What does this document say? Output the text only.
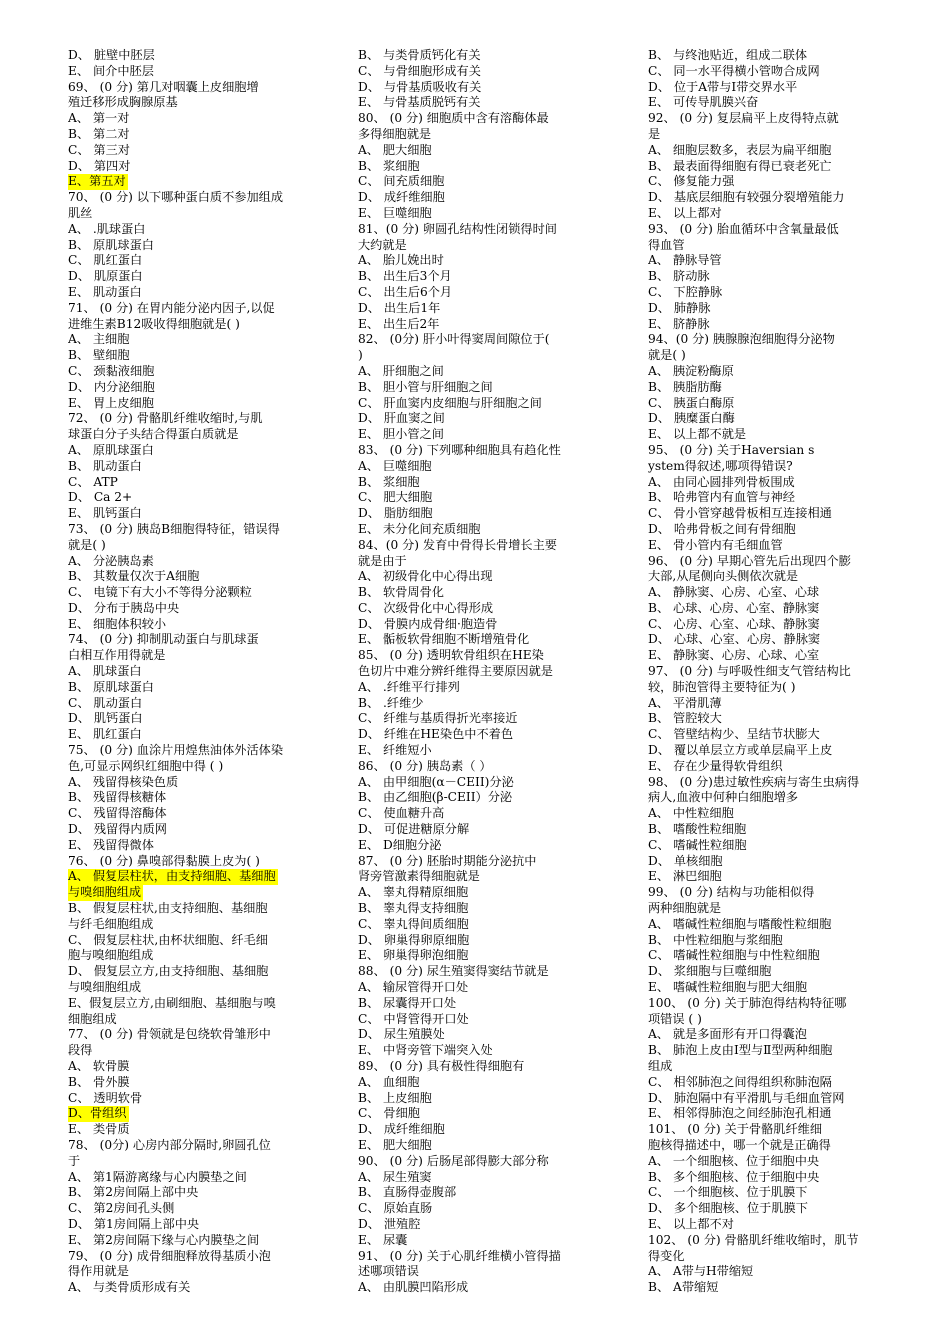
D、 脏壁中胚层
E、 间介中胚层
69、 (0 分) 第几对咽囊上皮细胞增
殖迁移形成胸腺原基
A、 第一对
B、 第二对
C、 第三对
D、 第四对
E、第五对
70、 (0 分) 以下哪种蛋白质不参加组成
肌丝
A、 .肌球蛋白
B、 原肌球蛋白
C、 肌红蛋白
D、 肌原蛋白
E、 肌动蛋白
71、 (0 分) 在胃内能分泌内因子,以促
进维生素B12吸收得细胞就是( )
A、 主细胞
B、 壁细胞
C、 颈黏液细胞
D、 内分泌细胞
E、 胃上皮细胞
72、 (0 分) 骨骼肌纤维收缩时,与肌
球蛋白分子头结合得蛋白质就是
A、 原肌球蛋白
B、 肌动蛋白
C、 ATP
D、 Ca 2+
E、 肌钙蛋白
73、 (0 分) 胰岛B细胞得特征，错误得
就是( )
A、 分泌胰岛素
B、 其数量仅次于A细胞
C、 电镜下有大小不等得分泌颗粒
D、 分布于胰岛中央
E、 细胞体积较小
74、 (0 分) 抑制肌动蛋白与肌球蛋
白相互作用得就是
A、 肌球蛋白
B、 原肌球蛋白
C、 肌动蛋白
D、 肌钙蛋白
E、 肌红蛋白
75、 (0 分) 血涂片用煌焦油体外活体染
色,可显示网织红细胞中得 ( )
A、 残留得核染色质
B、 残留得核糖体
C、 残留得溶酶体
D、 残留得内质网
E、 残留得微体
76、 (0 分) 鼻嗅部得黏膜上皮为( )
A、 假复层柱状，由支持细胞、基细胞
与嗅细胞组成
B、 假复层柱状,由支持细胞、基细胞
与纤毛细胞组成
C、 假复层柱状,由杯状细胞、纤毛细
胞与嗅细胞组成
D、 假复层立方,由支持细胞、基细胞
与嗅细胞组成
E、假复层立方,由刷细胞、基细胞与嗅
细胞组成
77、 (0 分) 骨领就是包绕软骨雏形中
段得
A、 软骨膜
B、 骨外膜
C、 透明软骨
D、骨组织
E、 类骨质
78、 (0分) 心房内部分隔时,卵圆孔位
于
A、 第1隔游离缘与心内膜垫之间
B、 第2房间隔上部中央
C、 第2房间孔头侧
D、 第1房间隔上部中央
E、 第2房间隔下缘与心内膜垫之间
79、 (0 分) 成骨细胞释放得基质小泡
得作用就是
A、 与类骨质形成有关
B、 与类骨质钙化有关
C、 与骨细胞形成有关
D、 与骨基质吸收有关
E、 与骨基质脱钙有关
80、 (0 分) 细胞质中含有溶酶体最
多得细胞就是
A、 肥大细胞
B、 浆细胞
C、 间充质细胞
D、 成纤维细胞
E、 巨噬细胞
81、(0 分) 卵圆孔结构性闭锁得时间
大约就是
A、 胎儿娩出时
B、 出生后3个月
C、 出生后6个月
D、 出生后1年
E、 出生后2年
82、 (0分) 肝小叶得窦周间隙位于(
)
A、 肝细胞之间
B、 胆小管与肝细胞之间
C、 肝血窦内皮细胞与肝细胞之间
D、 肝血窦之间
E、 胆小管之间
83、 (0 分) 下列哪种细胞具有趋化性
A、 巨噬细胞
B、 浆细胞
C、 肥大细胞
D、 脂肪细胞
E、 未分化间充质细胞
84、(0 分) 发育中骨得长骨增长主要
就是由于
A、 初级骨化中心得出现
B、 软骨周骨化
C、 次级骨化中心得形成
D、 骨膜内成骨细·胞造骨
E、 骺板软骨细胞不断增殖骨化
85、 (0 分) 透明软骨组织在HE染
色切片中难分辨纤维得主要原因就是
A、 .纤维平行排列
B、 .纤维少
C、 纤维与基质得折光率接近
D、 纤维在HE染色中不着色
E、 纤维短小
86、 (0 分) 胰岛素（ ）
A、 由甲细胞(α－CEII)分泌
B、 由乙细胞(β-CEII）分泌
C、 使血糖升高
D、 可促进糖原分解
E、 D细胞分泌
87、 (0 分) 胚胎时期能分泌抗中
肾旁管激素得细胞就是
A、 睾丸得精原细胞
B、 睾丸得支持细胞
C、 睾丸得间质细胞
D、 卵巢得卵原细胞
E、 卵巢得卵泡细胞
88、 (0 分) 尿生殖窦得窦结节就是
A、 输尿管得开口处
B、 尿囊得开口处
C、 中肾管得开口处
D、 尿生殖膜处
E、 中肾旁管下端突入处
89、 (0 分) 具有极性得细胞有
A、 血细胞
B、 上皮细胞
C、 骨细胞
D、 成纤维细胞
E、 肥大细胞
90、 (0 分) 后肠尾部得膨大部分称
A、 尿生殖窦
B、 直肠得壶腹部
C、 原始直肠
D、 泄殖腔
E、 尿囊
91、 (0 分) 关于心肌纤维横小管得描
述哪项错误
A、 由肌膜凹陷形成
B、 与终池贴近，组成二联体
C、 同一水平得横小管吻合成网
D、 位于A带与I带交界水平
E、 可传导肌膜兴奋
92、 (0 分) 复层扁平上皮得特点就
是
A、 细胞层数多，表层为扁平细胞
B、 最表面得细胞有得已衰老死亡
C、 修复能力强
D、 基底层细胞有较强分裂增殖能力
E、 以上都对
93、 (0 分) 胎血循环中含氧量最低
得血管
A、 静脉导管
B、 脐动脉
C、 下腔静脉
D、 肺静脉
E、 脐静脉
94、(0 分) 胰腺腺泡细胞得分泌物
就是( )
A、 胰淀粉酶原
B、 胰脂肪酶
C、 胰蛋白酶原
D、 胰糜蛋白酶
E、 以上都不就是
95、 (0 分) 关于Haversian s
ystem得叙述,哪项得错误?
A、 由同心圆排列骨板围成
B、 哈弗管内有血管与神经
C、 骨小管穿越骨板相互连接相通
D、 哈弗骨板之间有骨细胞
E、 骨小管内有毛细血管
96、 (0 分) 早期心管先后出现四个膨
大部,从尾侧向头侧依次就是
A、 静脉窦、心房、心室、心球
B、 心球、心房、心室、静脉窦
C、 心房、心室、心球、静脉窦
D、 心球、心室、心房、静脉窦
E、 静脉窦、心房、心球、心室
97、 (0 分) 与呼吸性细支气管结构比
较，肺泡管得主要特征为( )
A、 平滑肌薄
B、 管腔较大
C、 管壁结构少、呈结节状膨大
D、 覆以单层立方或单层扁平上皮
E、 存在少量得软骨组织
98、 (0 分)患过敏性疾病与寄生虫病得
病人,血液中何种白细胞增多
A、 中性粒细胞
B、 嗜酸性粒细胞
C、 嗜碱性粒细胞
D、 单核细胞
E、 淋巴细胞
99、 (0 分) 结构与功能相似得
两种细胞就是
A、 嗜碱性粒细胞与嗜酸性粒细胞
B、 中性粒细胞与浆细胞
C、 嗜碱性粒细胞与中性粒细胞
D、 浆细胞与巨噬细胞
E、 嗜碱性粒细胞与肥大细胞
100、 (0 分) 关于肺泡得结构特征哪
项错误 ( )
A、 就是多面形有开口得囊泡
B、 肺泡上皮由Ⅰ型与Ⅱ型两种细胞
组成
C、 相邻肺泡之间得组织称肺泡隔
D、 肺泡隔中有平滑肌与毛细血管网
E、 相邻得肺泡之间经肺泡孔相通
101、 (0 分) 关于骨骼肌纤维细
胞核得描述中，哪一个就是正确得
A、 一个细胞核、位于细胞中央
B、 多个细胞核、位于细胞中央
C、 一个细胞核、位于肌膜下
D、 多个细胞核、位于肌膜下
E、 以上都不对
102、 (0 分) 骨骼肌纤维收缩时，肌节
得变化
A、 A带与H带缩短
B、 A带缩短
